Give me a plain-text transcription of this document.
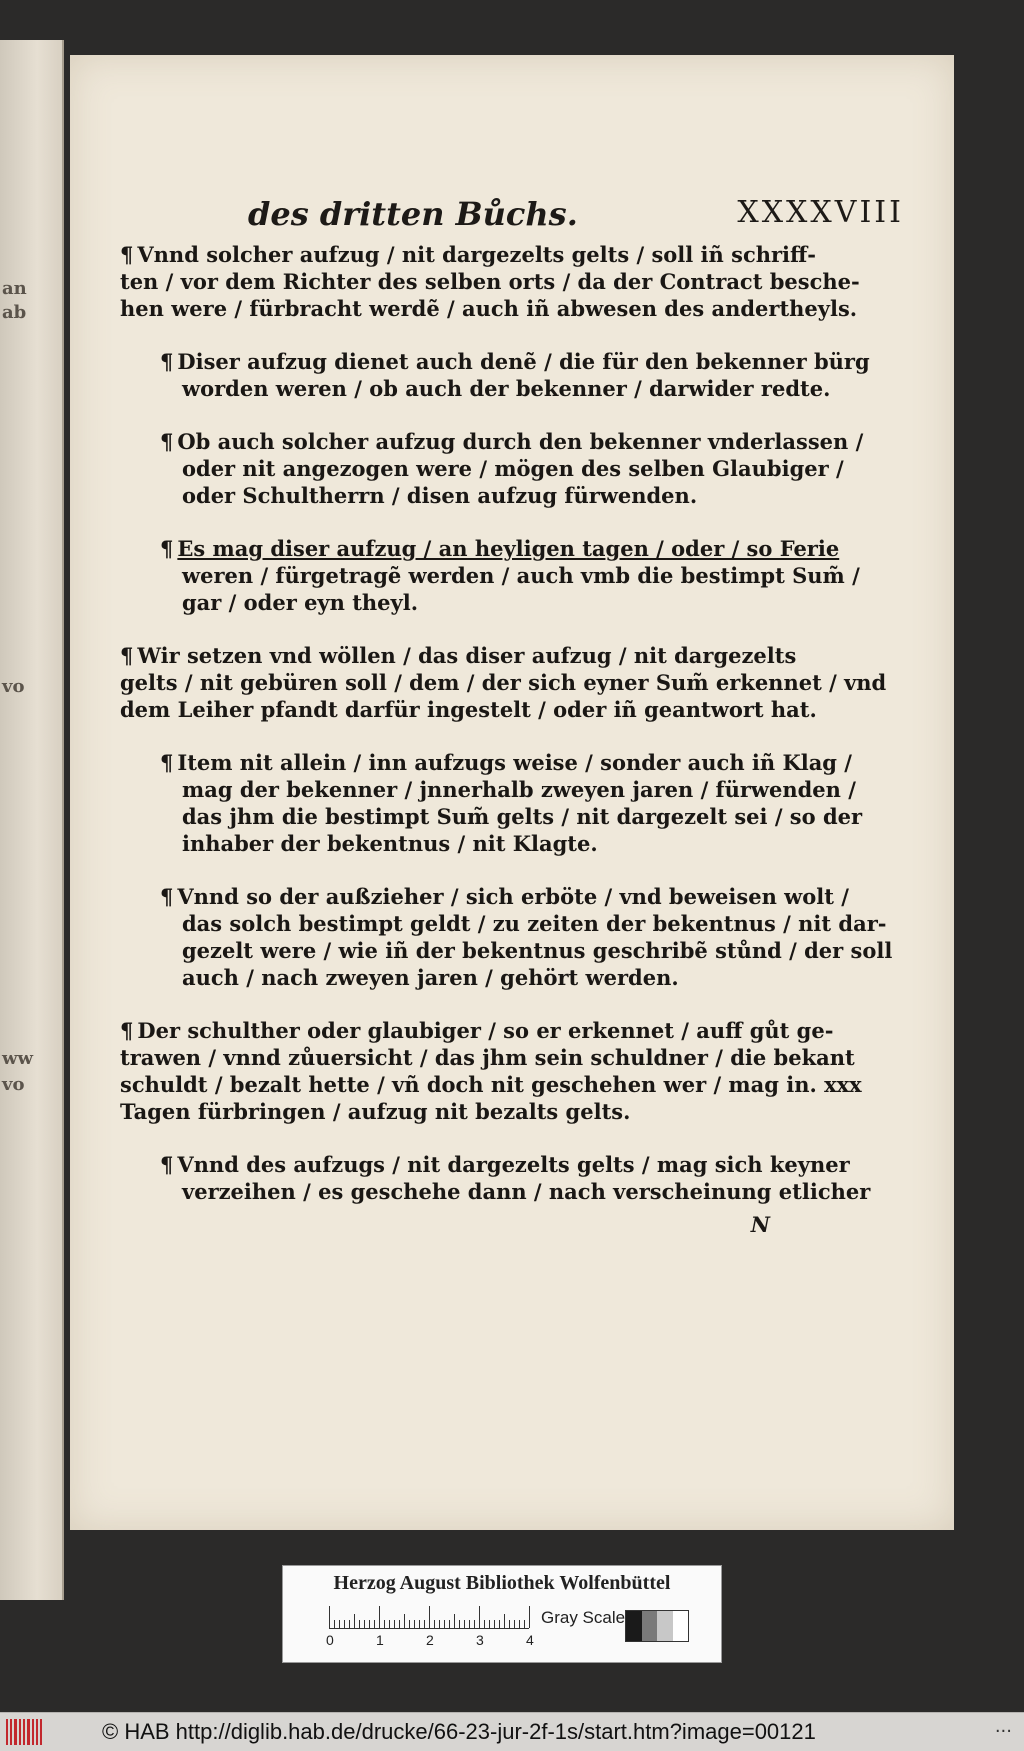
an
ab
vo
ww
vo
des dritten Bůchs.	XXXXVIII
¶ Vnnd solcher aufzug / nit dargezelts gelts / soll iñ schriff-
ten / vor dem Richter des selben orts / da der Contract besche-
hen were / fürbracht werdẽ / auch iñ abwesen des andertheyls.
¶ Diser aufzug dienet auch denẽ / die für den bekenner bürg
worden weren / ob auch der bekenner / darwider redte.
¶ Ob auch solcher aufzug durch den bekenner vnderlassen /
oder nit angezogen were / mögen des selben Glaubiger /
oder Schultherrn / disen aufzug fürwenden.
¶ Es mag diser aufzug / an heyligen tagen / oder / so Ferie
weren / fürgetragẽ werden / auch vmb die bestimpt Sum̃ /
gar / oder eyn theyl.
¶ Wir setzen vnd wöllen / das diser aufzug / nit dargezelts
gelts / nit gebüren soll / dem / der sich eyner Sum̃ erkennet / vnd
dem Leiher pfandt darfür ingestelt / oder iñ geantwort hat.
¶ Item nit allein / inn aufzugs weise / sonder auch iñ Klag /
mag der bekenner / jnnerhalb zweyen jaren / fürwenden /
das jhm die bestimpt Sum̃ gelts / nit dargezelt sei / so der
inhaber der bekentnus / nit Klagte.
¶ Vnnd so der außzieher / sich erböte / vnd beweisen wolt /
das solch bestimpt geldt / zu zeiten der bekentnus / nit dar-
gezelt were / wie iñ der bekentnus geschribẽ stůnd / der soll
auch / nach zweyen jaren / gehört werden.
¶ Der schulther oder glaubiger / so er erkennet / auff gůt ge-
trawen / vnnd zůuersicht / das jhm sein schuldner / die bekant
schuldt / bezalt hette / vñ doch nit geschehen wer / mag in. xxx
Tagen fürbringen / aufzug nit bezalts gelts.
¶ Vnnd des aufzugs / nit dargezelts gelts / mag sich keyner
verzeihen / es geschehe dann / nach verscheinung etlicher
N
Herzog August Bibliothek Wolfenbüttel
0	1	2	3	4
Gray Scale
© HAB http://diglib.hab.de/drucke/66-23-jur-2f-1s/start.htm?image=00121	···
